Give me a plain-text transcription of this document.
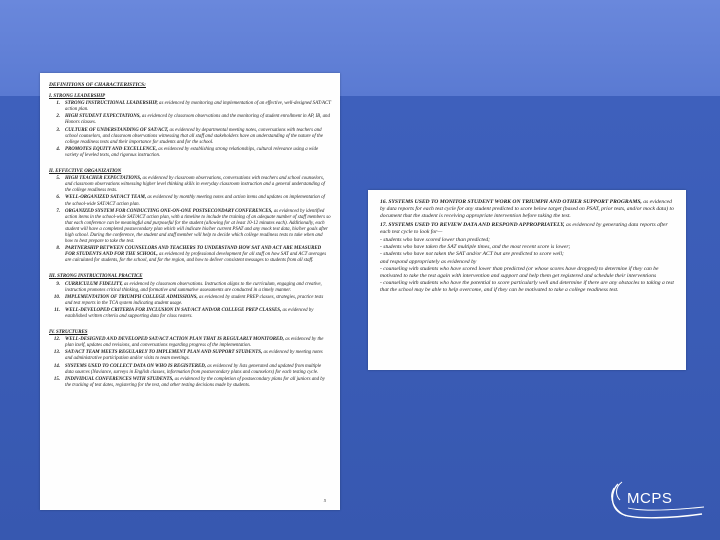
DEFINITIONS OF CHARACTERISTICS:
I. STRONG LEADERSHIP
1.	STRONG INSTRUCTIONAL LEADERSHIP, as evidenced by monitoring and implementation of an effective, well-designed SAT/ACT action plan.
2.	HIGH STUDENT EXPECTATIONS, as evidenced by classroom observations and the monitoring of student enrollment in AP, IB, and Honors classes.
3.	CULTURE OF UNDERSTANDING OF SAT/ACT, as evidenced by departmental meeting notes, conversations with teachers and school counselors, and classroom observations witnessing that all staff and stakeholders have an understanding of the nature of the college readiness tests and their importance for students and for the school.
4.	PROMOTES EQUITY AND EXCELLENCE, as evidenced by establishing strong relationships, cultural relevance using a wide variety of leveled texts, and rigorous instruction.
II. EFFECTIVE ORGANIZATION
5.	HIGH TEACHER EXPECTATIONS, as evidenced by classroom observations, conversations with teachers and school counselors, and classroom observations witnessing higher level thinking skills in everyday classroom instruction and a general understanding of the college readiness tests.
6.	WELL-ORGANIZED SAT/ACT TEAM, as evidenced by monthly meeting notes and action items and updates on implementation of the school-wide SAT/ACT action plan.
7.	ORGANIZED SYSTEM FOR CONDUCTING ONE-ON-ONE POSTSECONDARY CONFERENCES, as evidenced by identified action items in the school-wide SAT/ACT action plan, with a timeline to include the training of an adequate number of staff members so that each conference can be meaningful and purposeful for the student (allowing for at least 10-12 minutes each). Additionally, each student will have a completed postsecondary plan which will indicate his/her current PSAT and any mock test data, his/her goals after high school. During the conference, the student and staff member will help to decide which college readiness tests to take when and how to best prepare to take the test.
8.	PARTNERSHIP BETWEEN COUNSELORS AND TEACHERS TO UNDERSTAND HOW SAT AND ACT ARE MEASURED FOR STUDENTS AND FOR THE SCHOOL, as evidenced by professional development for all staff on how SAT and ACT averages are calculated for students, for the school, and for the region, and how to deliver consistent messages to students from all staff.
III. STRONG INSTRUCTIONAL PRACTICE
9.	CURRICULUM FIDELITY, as evidenced by classroom observations. Instruction aligns to the curriculum, engaging and creative, instruction promotes critical thinking, and formative and summative assessments are conducted in a timely manner.
10.	IMPLEMENTATION OF TRIUMPH COLLEGE ADMISSIONS, as evidenced by student PREP classes, strategies, practice tests and test reports in the TCA system indicating student usage.
11.	WELL-DEVELOPED CRITERIA FOR INCLUSION IN SAT/ACT AND/OR COLLEGE PREP CLASSES, as evidenced by established written criteria and supporting data for class rosters.
IV. STRUCTURES
12.	WELL-DESIGNED AND DEVELOPED SAT/ACT ACTION PLAN THAT IS REGULARLY MONITORED, as evidenced by the plan itself, updates and revisions, and conversations regarding progress of the implementation.
13.	SAT/ACT TEAM MEETS REGULARLY TO IMPLEMENT PLAN AND SUPPORT STUDENTS, as evidenced by meeting notes and administrative participation and/or visits to team meetings.
14.	SYSTEMS USED TO COLLECT DATA ON WHO IS REGISTERED, as evidenced by lists generated and updated from multiple data sources (Naviance, surveys in English classes, information from postsecondary plans and counselors) for each testing cycle.
15.	INDIVIDUAL CONFERENCES WITH STUDENTS, as evidenced by the completion of postsecondary plans for all juniors and by the tracking of test dates, registering for the test, and other testing decisions made by students.
5
16. SYSTEMS USED TO MONITOR STUDENT WORK ON TRIUMPH AND OTHER SUPPORT PROGRAMS, as evidenced by data reports for each test cycle for any student predicted to score below target (based on PSAT, prior tests, and/or mock data) to document that the student is receiving appropriate intervention before taking the test.
17. SYSTEMS USED TO REVIEW DATA AND RESPOND APPROPRIATELY, as evidenced by generating data reports after each test cycle to look for—
- students who have scored lower than predicted;
- students who have taken the SAT multiple times, and the most recent score is lower;
- students who have not taken the SAT and/or ACT but are predicted to score well;
and respond appropriately as evidenced by
- counseling with students who have scored lower than predicted (or whose scores have dropped) to determine if they can be motivated to take the test again with intervention and support and help them get registered and schedule their interventions
- counseling with students who have the potential to score particularly well and determine if there are any obstacles to taking a test that the school may be able to help overcome, and if they can be motivated to take a college readiness test.
MCPS
